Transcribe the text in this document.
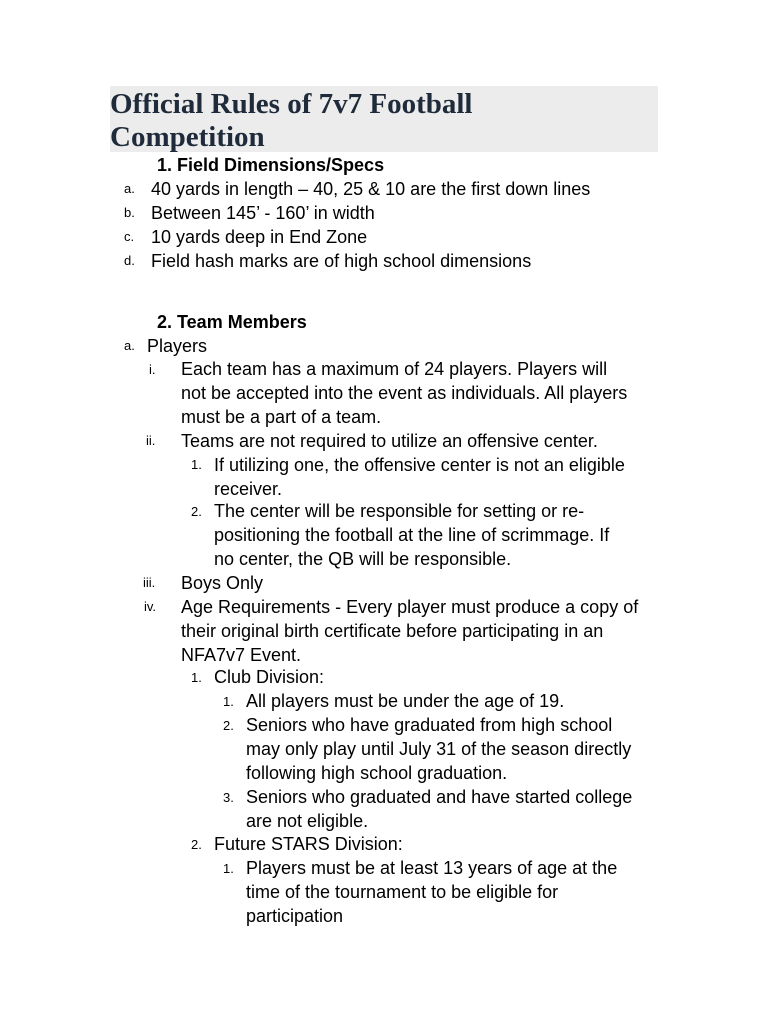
Official Rules of 7v7 Football
Competition
1. Field Dimensions/Specs
a. 40 yards in length – 40, 25 & 10 are the first down lines
b. Between 145’ - 160’ in width
c. 10 yards deep in End Zone
d. Field hash marks are of high school dimensions
2. Team Members
a. Players
i. Each team has a maximum of 24 players. Players will
not be accepted into the event as individuals. All players
must be a part of a team.
ii. Teams are not required to utilize an offensive center.
1. If utilizing one, the offensive center is not an eligible
receiver.
2. The center will be responsible for setting or re-
positioning the football at the line of scrimmage. If
no center, the QB will be responsible.
iii. Boys Only
iv. Age Requirements - Every player must produce a copy of
their original birth certificate before participating in an
NFA7v7 Event.
1. Club Division:
1. All players must be under the age of 19.
2. Seniors who have graduated from high school
may only play until July 31 of the season directly
following high school graduation.
3. Seniors who graduated and have started college
are not eligible.
2. Future STARS Division:
1. Players must be at least 13 years of age at the
time of the tournament to be eligible for
participation
